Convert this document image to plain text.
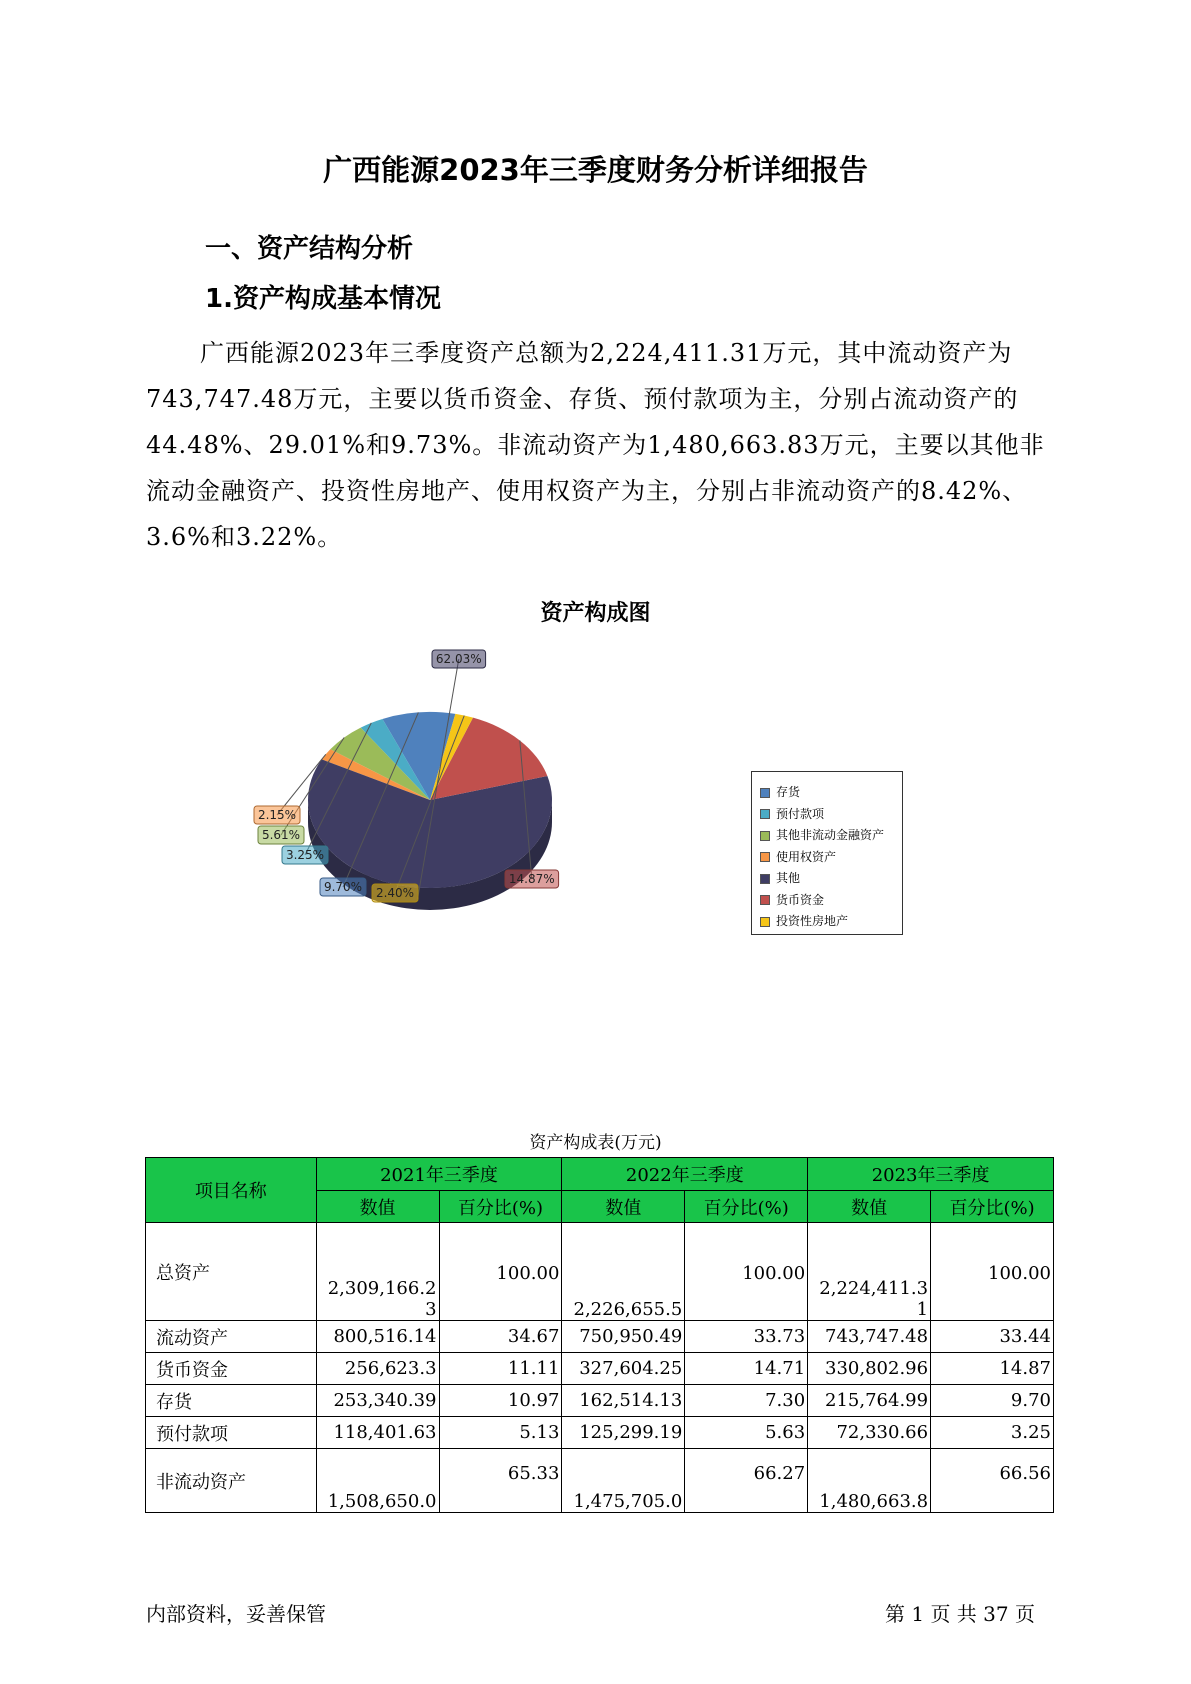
广西能源2023年三季度财务分析详细报告
一、资产结构分析
1.资产构成基本情况
广西能源2023年三季度资产总额为2,224,411.31万元，其中流动资产为743,747.48万元，主要以货币资金、存货、预付款项为主，分别占流动资产的44.48%、29.01%和9.73%。非流动资产为1,480,663.83万元，主要以其他非流动金融资产、投资性房地产、使用权资产为主，分别占非流动资产的8.42%、3.6%和3.22%。
资产构成图
9.70%
3.25%
5.61%
2.15%
62.03%
14.87%
2.40%
存货
预付款项
其他非流动金融资产
使用权资产
其他
货币资金
投资性房地产
资产构成表(万元)
项目名称	2021年三季度		2022年三季度		2023年三季度	
	数值	百分比(%)	数值	百分比(%)	数值	百分比(%)
总资产	2,309,166.23	100.00	2,226,655.5	100.00	2,224,411.31	100.00
流动资产	800,516.14	34.67	750,950.49	33.73	743,747.48	33.44
货币资金	256,623.3	11.11	327,604.25	14.71	330,802.96	14.87
存货	253,340.39	10.97	162,514.13	7.30	215,764.99	9.70
预付款项	118,401.63	5.13	125,299.19	5.63	72,330.66	3.25
非流动资产	1,508,650.0	65.33	1,475,705.0	66.27	1,480,663.8	66.56
内部资料，妥善保管	第 1 页 共 37 页
